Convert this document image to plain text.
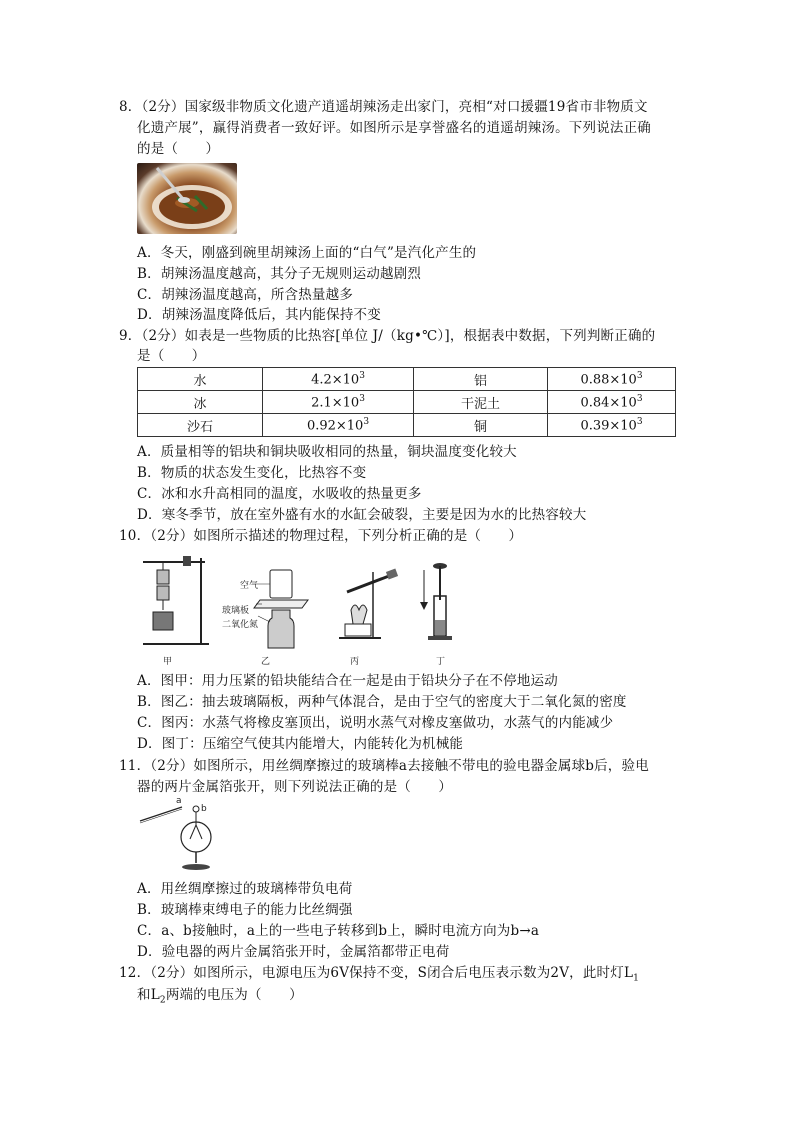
8．（2分）国家级非物质文化遗产逍遥胡辣汤走出家门，亮相“对口援疆19省市非物质文
化遗产展”，赢得消费者一致好评。如图所示是享誉盛名的逍遥胡辣汤。下列说法正确
的是（　　）
A．冬天，刚盛到碗里胡辣汤上面的“白气”是汽化产生的
B．胡辣汤温度越高，其分子无规则运动越剧烈
C．胡辣汤温度越高，所含热量越多
D．胡辣汤温度降低后，其内能保持不变
9．（2分）如表是一些物质的比热容[单位 J/（kg•℃）]，根据表中数据，下列判断正确的
是（　　）
水	$4.2\times 10^3$	铝	$0.88\times 10^3$
冰	$2.1\times 10^3$	干泥土	$0.84\times 10^3$
沙石	$0.92\times 10^3$	铜	$0.39\times 10^3$
A．质量相等的铝块和铜块吸收相同的热量，铜块温度变化较大
B．物质的状态发生变化，比热容不变
C．冰和水升高相同的温度，水吸收的热量更多
D．寒冬季节，放在室外盛有水的水缸会破裂，主要是因为水的比热容较大
10．（2分）如图所示描述的物理过程，下列分析正确的是（　　）
甲
空气
玻璃板
二氧化氮
乙	丙	丁
A．图甲：用力压紧的铅块能结合在一起是由于铅块分子在不停地运动
B．图乙：抽去玻璃隔板，两种气体混合，是由于空气的密度大于二氧化氮的密度
C．图丙：水蒸气将橡皮塞顶出，说明水蒸气对橡皮塞做功，水蒸气的内能减少
D．图丁：压缩空气使其内能增大，内能转化为机械能
11．（2分）如图所示，用丝绸摩擦过的玻璃棒a去接触不带电的验电器金属球b后，验电
器的两片金属箔张开，则下列说法正确的是（　　）
a
b
A．用丝绸摩擦过的玻璃棒带负电荷
B．玻璃棒束缚电子的能力比丝绸强
C．a、b接触时，a上的一些电子转移到b上，瞬时电流方向为b→a
D．验电器的两片金属箔张开时，金属箔都带正电荷
12．（2分）如图所示，电源电压为6V保持不变，S闭合后电压表示数为2V，此时灯$L_1$
和$L_2$两端的电压为（　　）
